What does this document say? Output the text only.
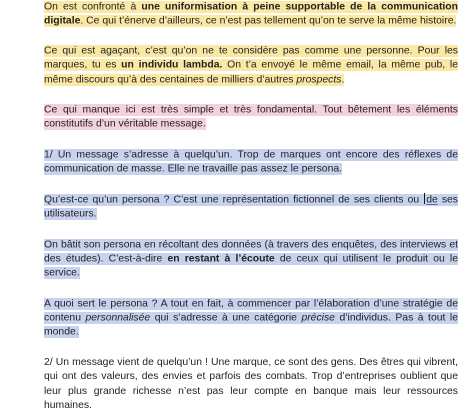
On est confronté à une uniformisation à peine supportable de la communication digitale. Ce qui t’énerve d’ailleurs, ce n’est pas tellement qu’on te serve la même histoire.

Ce qui est agaçant, c’est qu’on ne te considère pas comme une personne. Pour les marques, tu es un individu lambda. On t’a envoyé le même email, la même pub, le même discours qu’à des centaines de milliers d’autres prospects.

Ce qui manque ici est très simple et très fondamental. Tout bêtement les éléments constitutifs d’un véritable message.

1/ Un message s’adresse à quelqu’un. Trop de marques ont encore des réflexes de communication de masse. Elle ne travaille pas assez le persona.

Qu’est-ce qu’un persona ? C’est une représentation fictionnel de ses clients ou de ses utilisateurs.

On bâtit son persona en récoltant des données (à travers des enquêtes, des interviews et des études). C’est-à-dire en restant à l’écoute de ceux qui utilisent le produit ou le service.

A quoi sert le persona ? A tout en fait, à commencer par l’élaboration d’une stratégie de contenu personnalisée qui s’adresse à une catégorie précise d’individus. Pas à tout le monde.

2/ Un message vient de quelqu’un ! Une marque, ce sont des gens. Des êtres qui vibrent, qui ont des valeurs, des envies et parfois des combats. Trop d’entreprises oublient que leur plus grande richesse n’est pas leur compte en banque mais leur ressources humaines.
